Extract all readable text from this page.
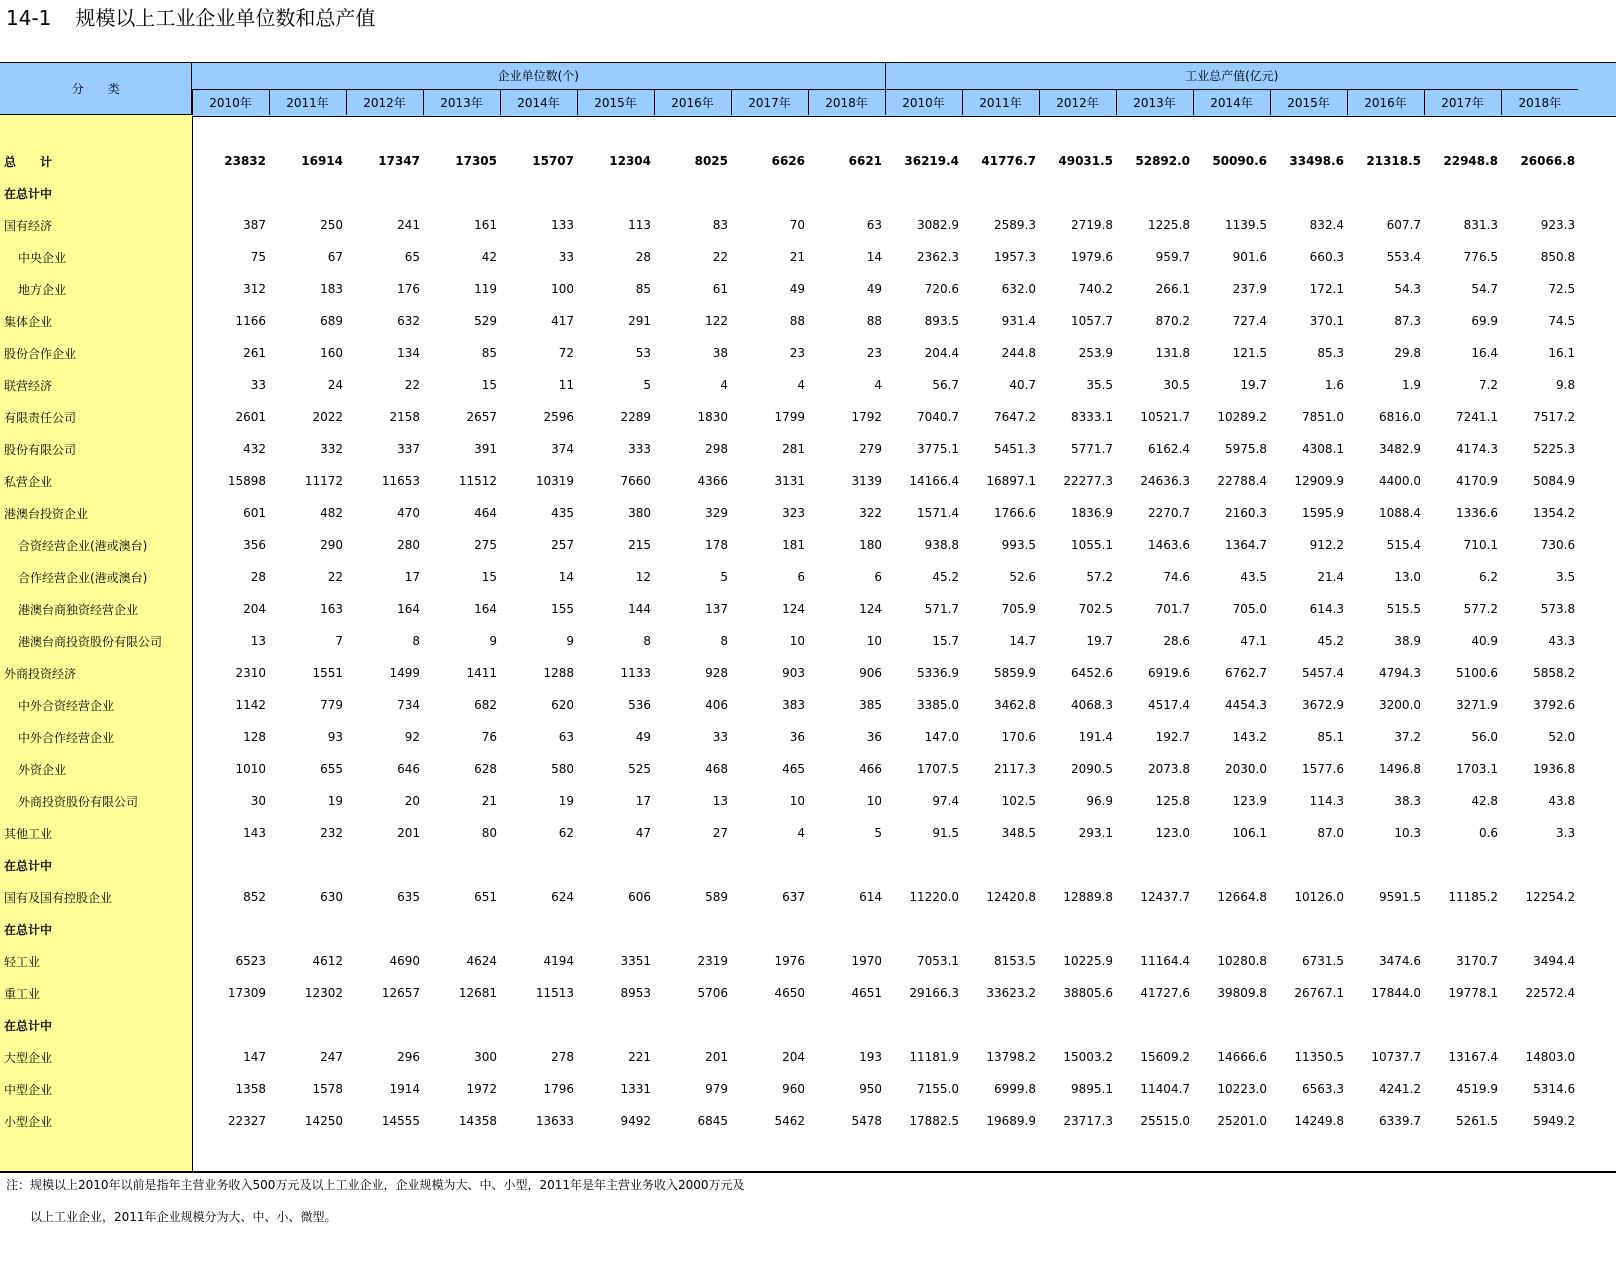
14-1 规模以上工业企业单位数和总产值
分　　类	企业单位数(个)									工业总产值(亿元)								
	2010年	2011年	2012年	2013年	2014年	2015年	2016年	2017年	2018年	2010年	2011年	2012年	2013年	2014年	2015年	2016年	2017年	2018年

总　　计	23832	16914	17347	17305	15707	12304	8025	6626	6621	36219.4	41776.7	49031.5	52892.0	50090.6	33498.6	21318.5	22948.8	26066.8
在总计中																		
国有经济	387	250	241	161	133	113	83	70	63	3082.9	2589.3	2719.8	1225.8	1139.5	832.4	607.7	831.3	923.3
中央企业	75	67	65	42	33	28	22	21	14	2362.3	1957.3	1979.6	959.7	901.6	660.3	553.4	776.5	850.8
地方企业	312	183	176	119	100	85	61	49	49	720.6	632.0	740.2	266.1	237.9	172.1	54.3	54.7	72.5
集体企业	1166	689	632	529	417	291	122	88	88	893.5	931.4	1057.7	870.2	727.4	370.1	87.3	69.9	74.5
股份合作企业	261	160	134	85	72	53	38	23	23	204.4	244.8	253.9	131.8	121.5	85.3	29.8	16.4	16.1
联营经济	33	24	22	15	11	5	4	4	4	56.7	40.7	35.5	30.5	19.7	1.6	1.9	7.2	9.8
有限责任公司	2601	2022	2158	2657	2596	2289	1830	1799	1792	7040.7	7647.2	8333.1	10521.7	10289.2	7851.0	6816.0	7241.1	7517.2
股份有限公司	432	332	337	391	374	333	298	281	279	3775.1	5451.3	5771.7	6162.4	5975.8	4308.1	3482.9	4174.3	5225.3
私营企业	15898	11172	11653	11512	10319	7660	4366	3131	3139	14166.4	16897.1	22277.3	24636.3	22788.4	12909.9	4400.0	4170.9	5084.9
港澳台投资企业	601	482	470	464	435	380	329	323	322	1571.4	1766.6	1836.9	2270.7	2160.3	1595.9	1088.4	1336.6	1354.2
合资经营企业(港或澳台)	356	290	280	275	257	215	178	181	180	938.8	993.5	1055.1	1463.6	1364.7	912.2	515.4	710.1	730.6
合作经营企业(港或澳台)	28	22	17	15	14	12	5	6	6	45.2	52.6	57.2	74.6	43.5	21.4	13.0	6.2	3.5
港澳台商独资经营企业	204	163	164	164	155	144	137	124	124	571.7	705.9	702.5	701.7	705.0	614.3	515.5	577.2	573.8
港澳台商投资股份有限公司	13	7	8	9	9	8	8	10	10	15.7	14.7	19.7	28.6	47.1	45.2	38.9	40.9	43.3
外商投资经济	2310	1551	1499	1411	1288	1133	928	903	906	5336.9	5859.9	6452.6	6919.6	6762.7	5457.4	4794.3	5100.6	5858.2
中外合资经营企业	1142	779	734	682	620	536	406	383	385	3385.0	3462.8	4068.3	4517.4	4454.3	3672.9	3200.0	3271.9	3792.6
中外合作经营企业	128	93	92	76	63	49	33	36	36	147.0	170.6	191.4	192.7	143.2	85.1	37.2	56.0	52.0
外资企业	1010	655	646	628	580	525	468	465	466	1707.5	2117.3	2090.5	2073.8	2030.0	1577.6	1496.8	1703.1	1936.8
外商投资股份有限公司	30	19	20	21	19	17	13	10	10	97.4	102.5	96.9	125.8	123.9	114.3	38.3	42.8	43.8
其他工业	143	232	201	80	62	47	27	4	5	91.5	348.5	293.1	123.0	106.1	87.0	10.3	0.6	3.3
在总计中																		
国有及国有控股企业	852	630	635	651	624	606	589	637	614	11220.0	12420.8	12889.8	12437.7	12664.8	10126.0	9591.5	11185.2	12254.2
在总计中																		
轻工业	6523	4612	4690	4624	4194	3351	2319	1976	1970	7053.1	8153.5	10225.9	11164.4	10280.8	6731.5	3474.6	3170.7	3494.4
重工业	17309	12302	12657	12681	11513	8953	5706	4650	4651	29166.3	33623.2	38805.6	41727.6	39809.8	26767.1	17844.0	19778.1	22572.4
在总计中																		
大型企业	147	247	296	300	278	221	201	204	193	11181.9	13798.2	15003.2	15609.2	14666.6	11350.5	10737.7	13167.4	14803.0
中型企业	1358	1578	1914	1972	1796	1331	979	960	950	7155.0	6999.8	9895.1	11404.7	10223.0	6563.3	4241.2	4519.9	5314.6
小型企业	22327	14250	14555	14358	13633	9492	6845	5462	5478	17882.5	19689.9	23717.3	25515.0	25201.0	14249.8	6339.7	5261.5	5949.2
注：规模以上2010年以前是指年主营业务收入500万元及以上工业企业，企业规模为大、中、小型，2011年是年主营业务收入2000万元及
以上工业企业，2011年企业规模分为大、中、小、微型。
